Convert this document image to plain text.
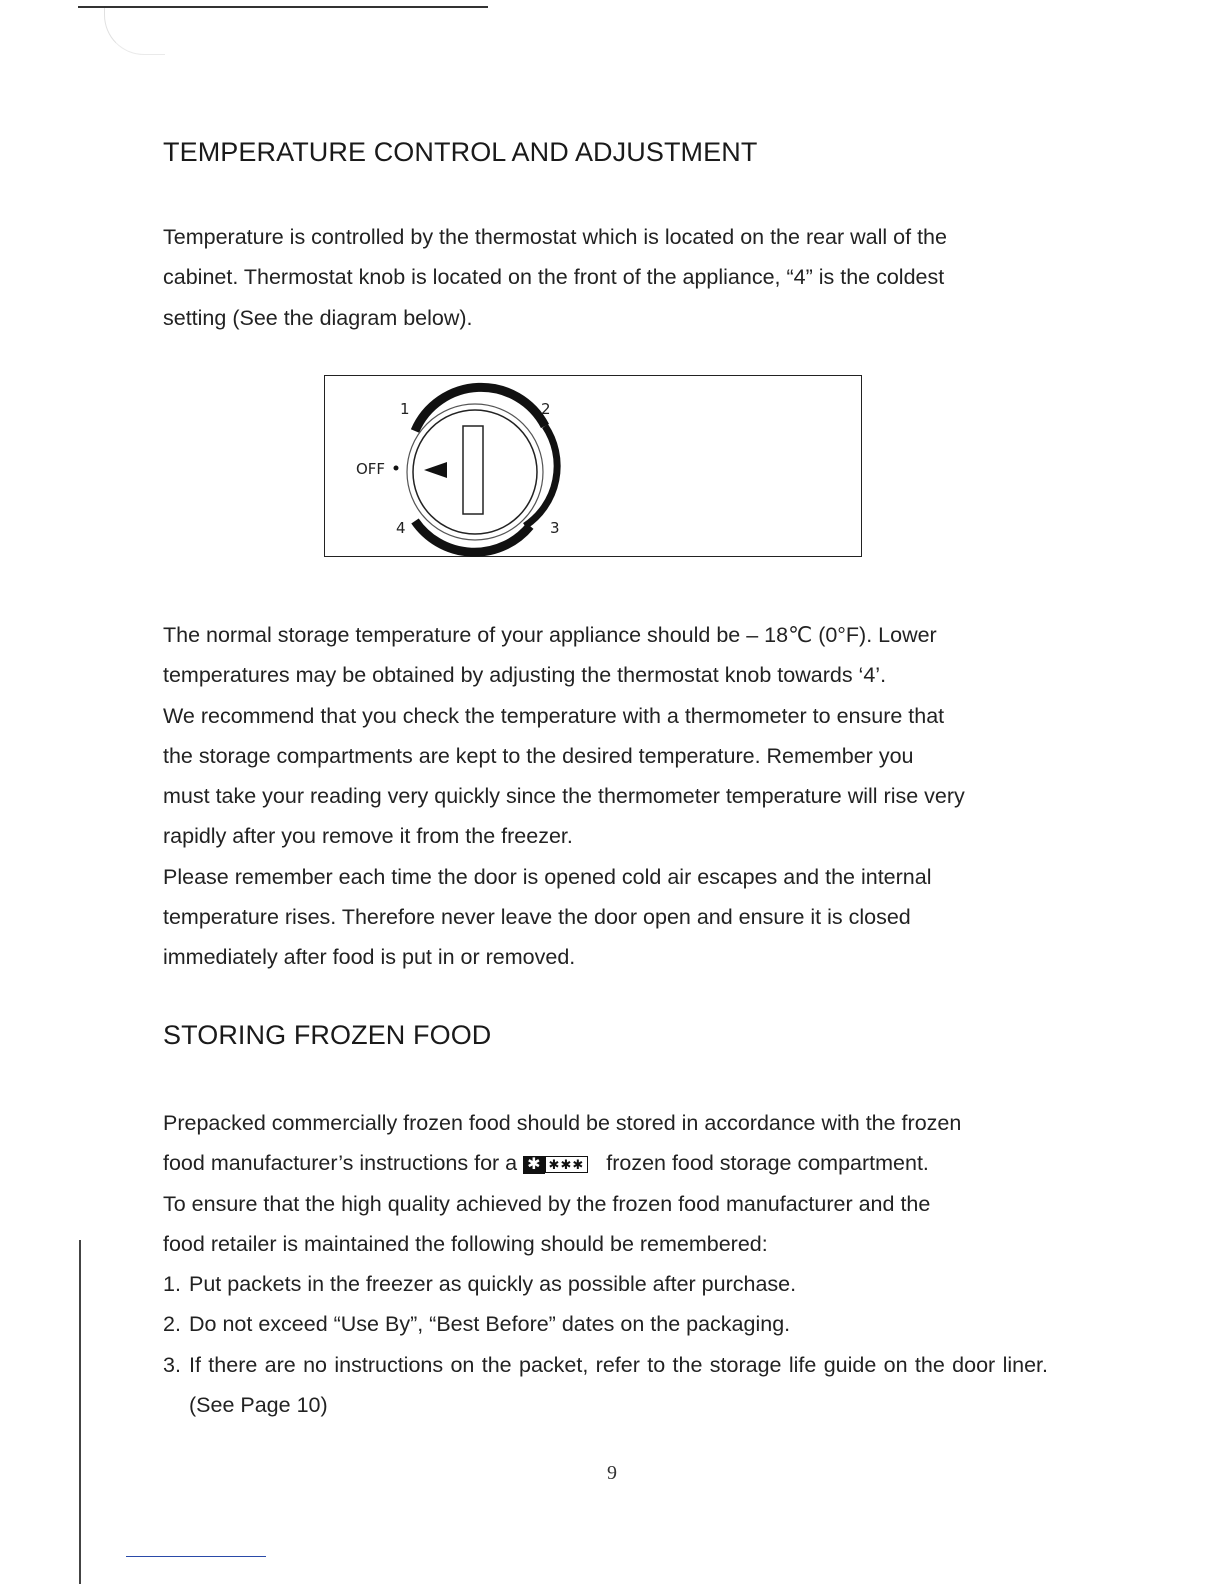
TEMPERATURE CONTROL AND ADJUSTMENT

Temperature is controlled by the thermostat which is located on the rear wall of the
cabinet. Thermostat knob is located on the front of the appliance, “4” is the coldest
setting (See the diagram below).

1	2
3
4
OFF

The normal storage temperature of your appliance should be – 18℃ (0°F). Lower
temperatures may be obtained by adjusting the thermostat knob towards ‘4’.
We recommend that you check the temperature with a thermometer to ensure that
the storage compartments are kept to the desired temperature. Remember you
must take your reading very quickly since the thermometer temperature will rise very
rapidly after you remove it from the freezer.
Please remember each time the door is opened cold air escapes and the internal
temperature rises. Therefore never leave the door open and ensure it is closed
immediately after food is put in or removed.

STORING FROZEN FOOD

Prepacked commercially frozen food should be stored in accordance with the frozen
food manufacturer’s instructions for a ✱ ✱✱✱ frozen food storage compartment.
To ensure that the high quality achieved by the frozen food manufacturer and the
food retailer is maintained the following should be remembered:

1. Put packets in the freezer as quickly as possible after purchase.
2. Do not exceed “Use By”, “Best Before” dates on the packaging.
3. If there are no instructions on the packet, refer to the storage life guide on the door liner. (See Page 10)
9
